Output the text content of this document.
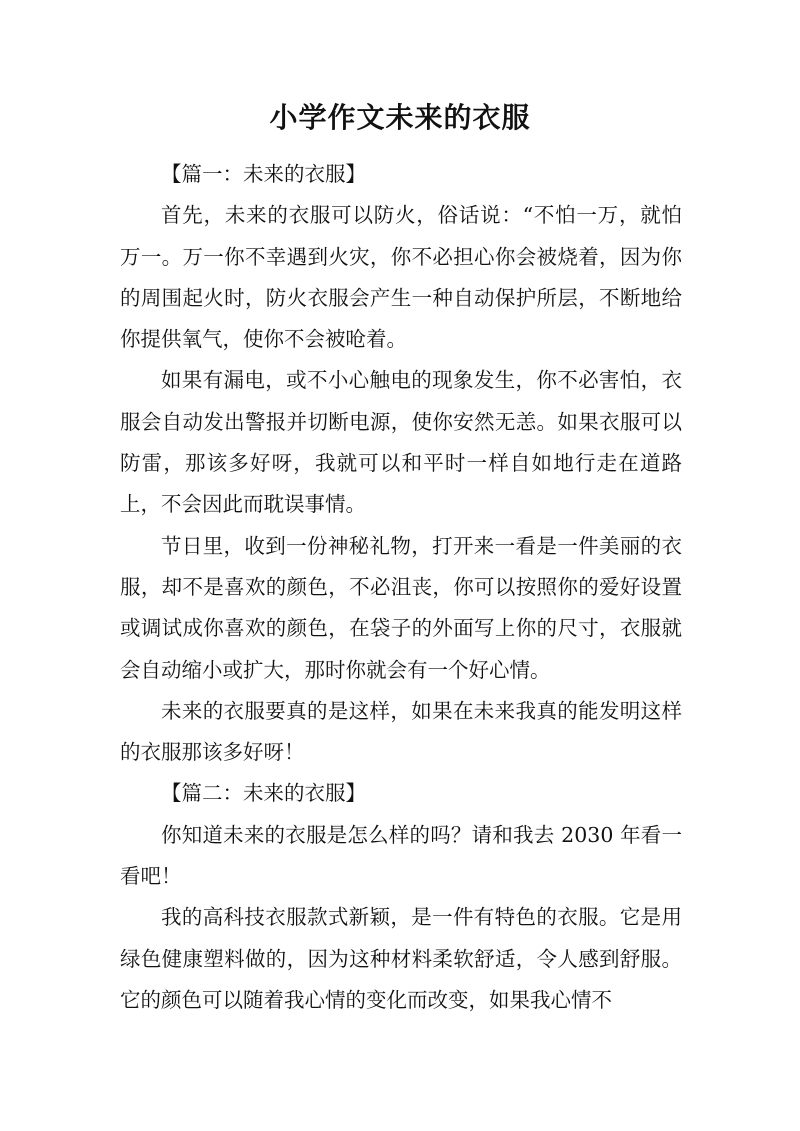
小学作文未来的衣服

【篇一：未来的衣服】

首先，未来的衣服可以防火，俗话说：“不怕一万，就怕万一。万一你不幸遇到火灾，你不必担心你会被烧着，因为你的周围起火时，防火衣服会产生一种自动保护所层，不断地给你提供氧气，使你不会被呛着。

如果有漏电，或不小心触电的现象发生，你不必害怕，衣服会自动发出警报并切断电源，使你安然无恙。如果衣服可以防雷，那该多好呀，我就可以和平时一样自如地行走在道路上，不会因此而耽误事情。

节日里，收到一份神秘礼物，打开来一看是一件美丽的衣服，却不是喜欢的颜色，不必沮丧，你可以按照你的爱好设置或调试成你喜欢的颜色，在袋子的外面写上你的尺寸，衣服就会自动缩小或扩大，那时你就会有一个好心情。

未来的衣服要真的是这样，如果在未来我真的能发明这样的衣服那该多好呀！

【篇二：未来的衣服】

你知道未来的衣服是怎么样的吗？请和我去 2030 年看一看吧！

我的高科技衣服款式新颖，是一件有特色的衣服。它是用绿色健康塑料做的，因为这种材料柔软舒适，令人感到舒服。它的颜色可以随着我心情的变化而改变，如果我心情不
